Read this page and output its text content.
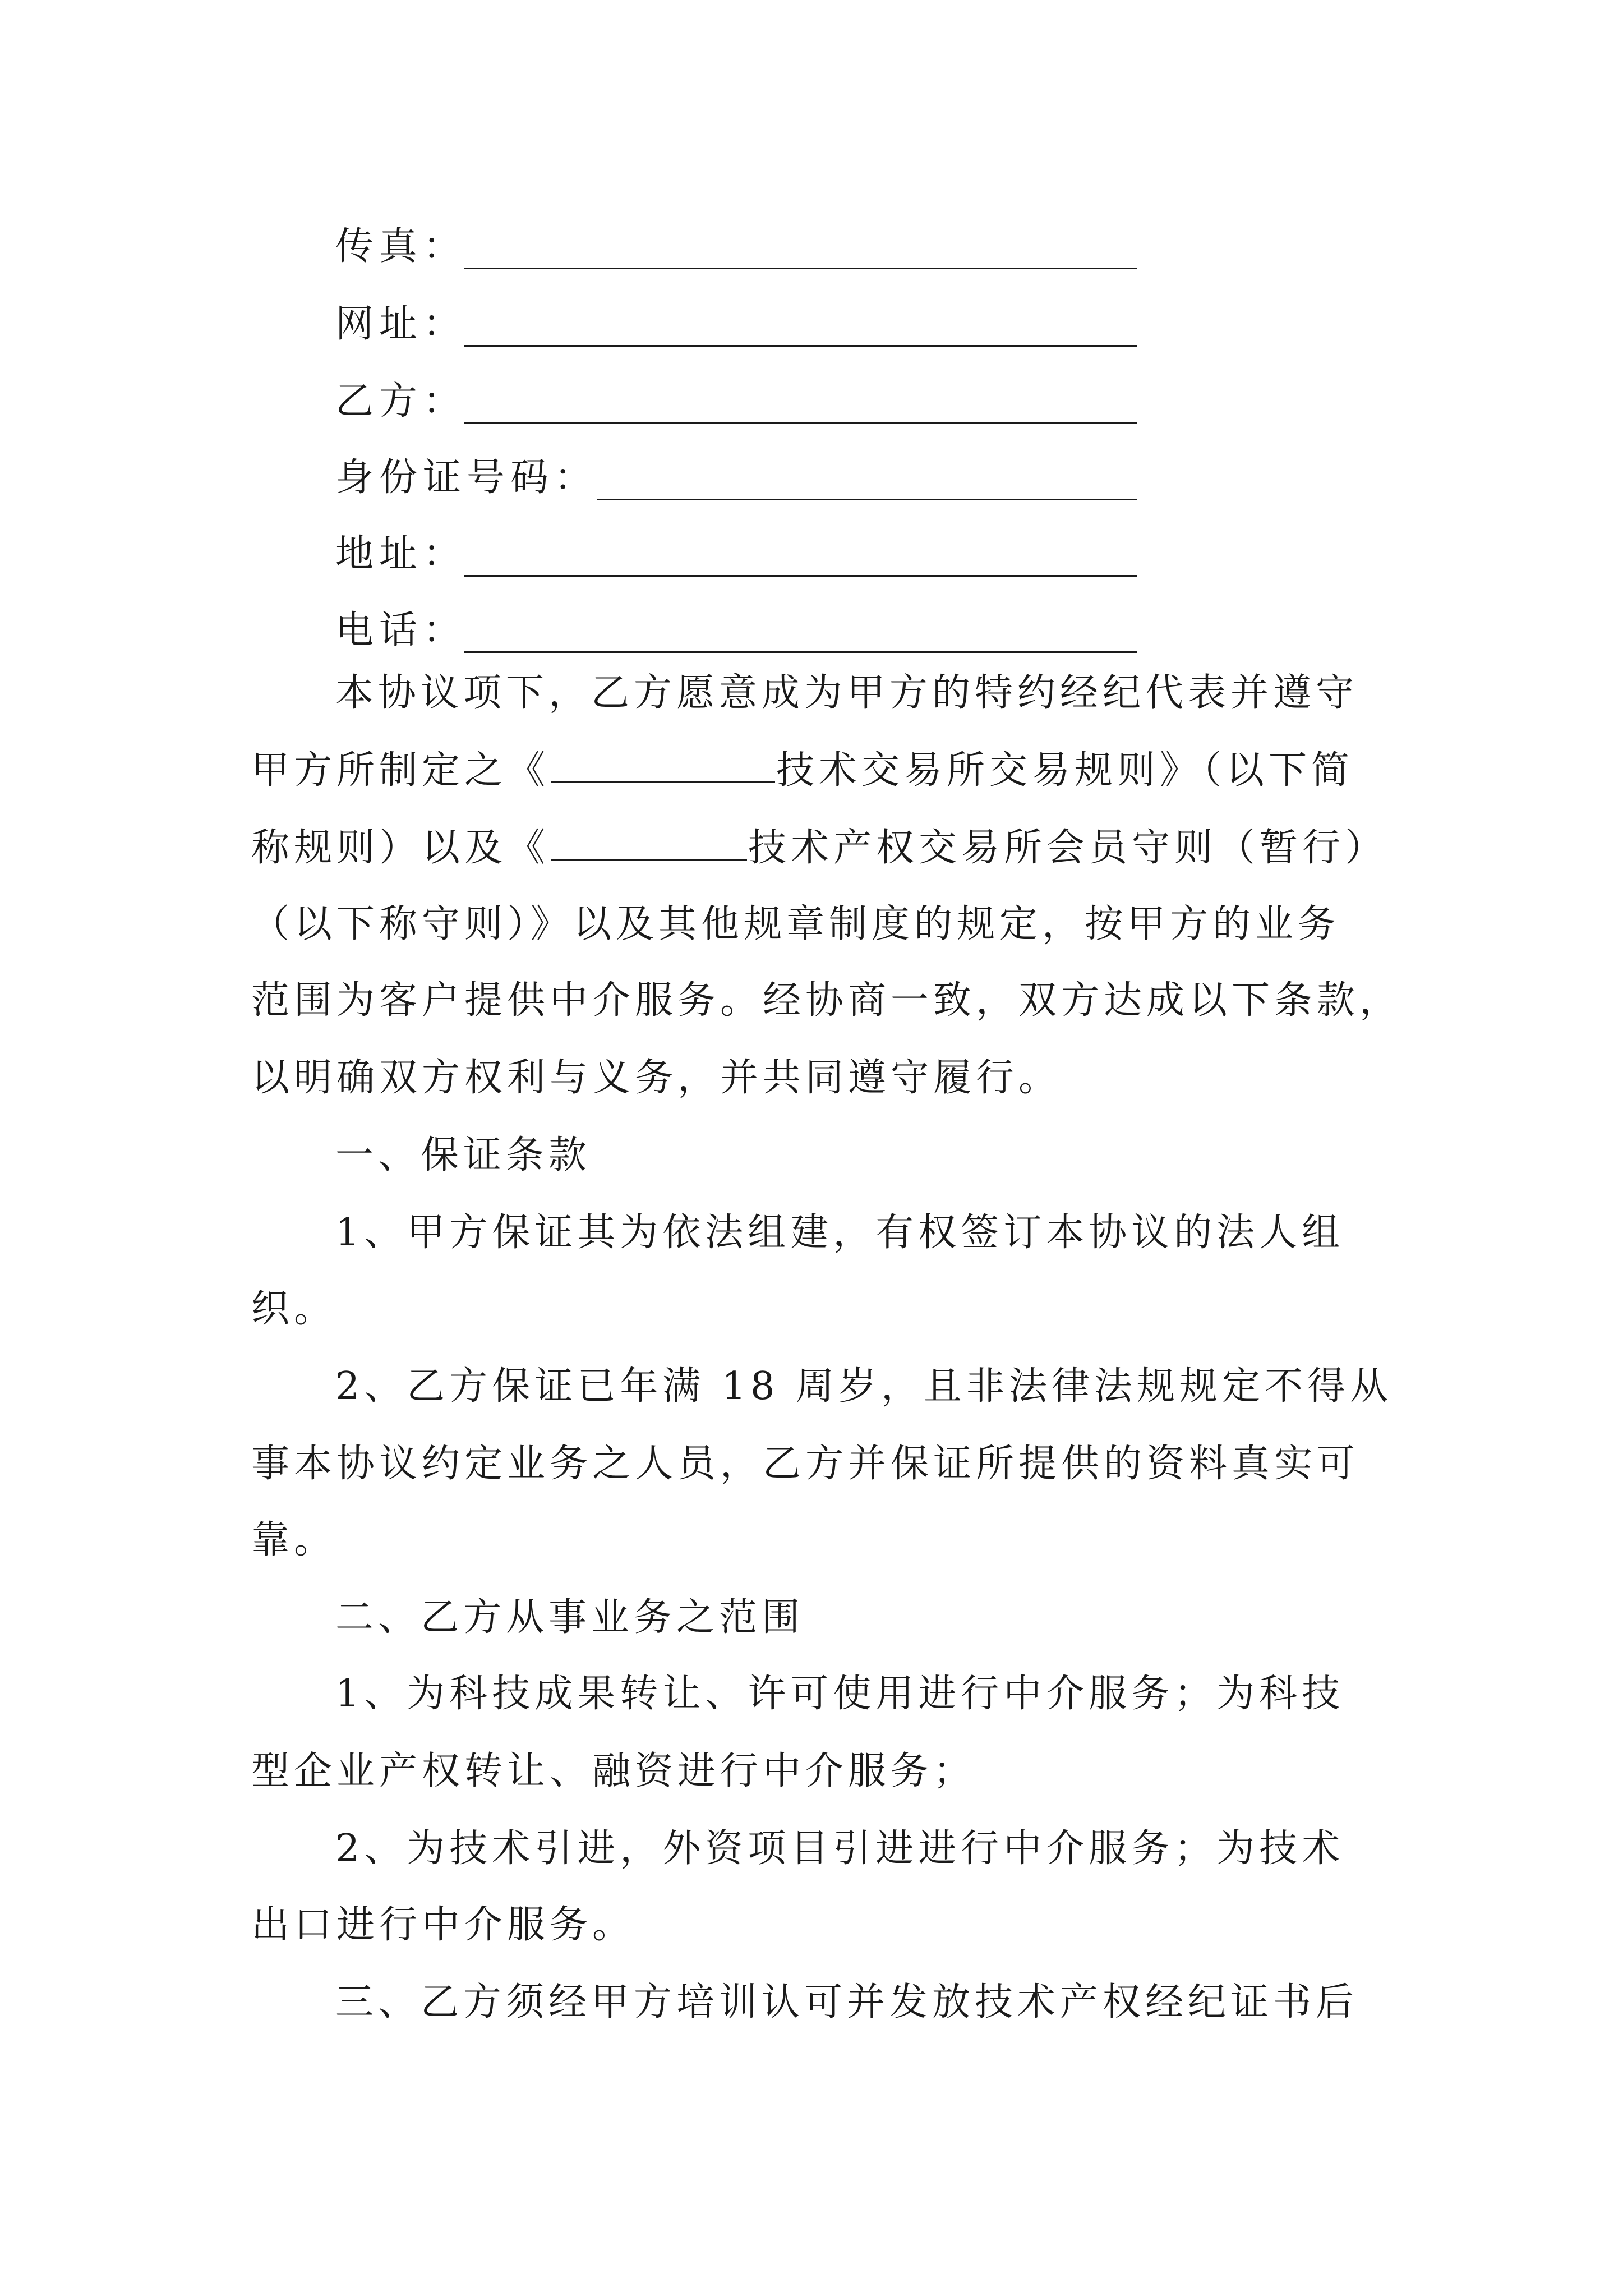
传真：
网址：
乙方：
身份证号码：
地址：
电话：
本协议项下，乙方愿意成为甲方的特约经纪代表并遵守
甲方所制定之《	技术交易所交易规则》（以下简
称规则）以及《	技术产权交易所会员守则（暂行）
（以下称守则）》以及其他规章制度的规定，按甲方的业务
范围为客户提供中介服务。经协商一致，双方达成以下条款，
以明确双方权利与义务，并共同遵守履行。
一、保证条款
1、甲方保证其为依法组建，有权签订本协议的法人组
织。
2、乙方保证已年满 18 周岁，且非法律法规规定不得从
事本协议约定业务之人员，乙方并保证所提供的资料真实可
靠。
二、乙方从事业务之范围
1、为科技成果转让、许可使用进行中介服务；为科技
型企业产权转让、融资进行中介服务；
2、为技术引进，外资项目引进进行中介服务；为技术
出口进行中介服务。
三、乙方须经甲方培训认可并发放技术产权经纪证书后
